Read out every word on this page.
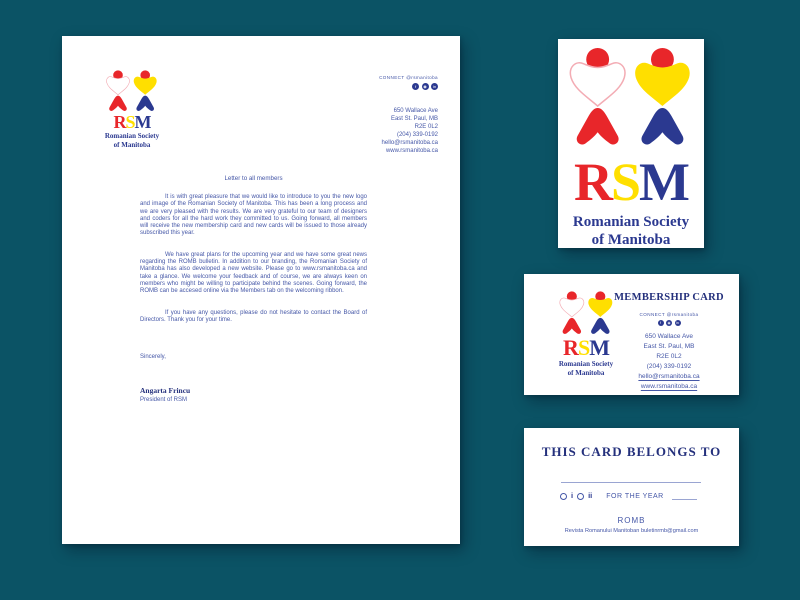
RSM
Romanian Society
of Manitoba
CONNECT @rsmanitoba
f	◉	in
650 Wallace Ave
East St. Paul, MB
R2E 0L2
(204) 339-0192
hello@rsmanitoba.ca
www.rsmanitoba.ca
Letter to all members

It is with great pleasure that we would like to introduce to you the new logo and image of the Romanian Society of Manitoba. This has been a long process and we are very pleased with the results. We are very grateful to our team of designers and coders for all the hard work they committed to us. Going forward, all members will receive the new membership card and new cards will be issued to those already subscribed this year.

We have great plans for the upcoming year and we have some great news regarding the ROMB bulletin. In addition to our branding, the Romanian Society of Manitoba has also developed a new website. Please go to www.rsmanitoba.ca and take a glance. We welcome your feedback and of course, we are always keen on members who might be willing to participate behind the scenes. Going forward, the ROMB can be accesed online via the Members tab on the welcoming ribbon.

If you have any questions, please do not hesitate to contact the Board of Directors. Thank you for your time.

Sincerely,
Angarta Frincu
President of RSM
RSM
Romanian Society
of Manitoba
RSM
Romanian Society
of Manitoba
MEMBERSHIP CARD
CONNECT @rsmanitoba
f	◉	in
650 Wallace Ave
East St. Paul, MB
R2E 0L2
(204) 339-0192
hello@rsmanitoba.ca
www.rsmanitoba.ca
THIS CARD BELONGS TO
i ii FOR THE YEAR
ROMB
Revista Romanului Manitoban buletinrmb@gmail.com
